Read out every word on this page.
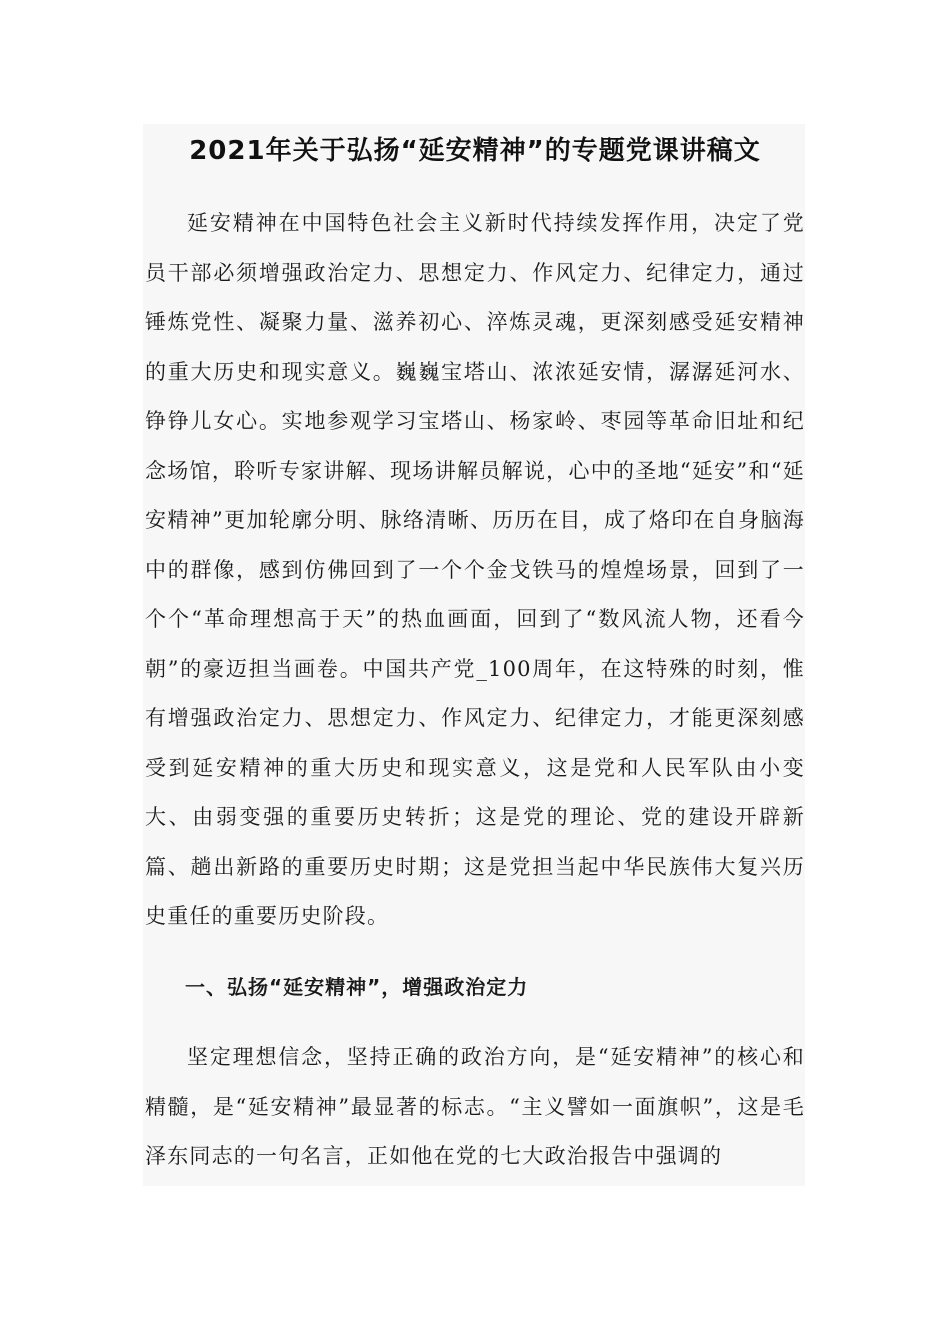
2021年关于弘扬“延安精神”的专题党课讲稿文

延安精神在中国特色社会主义新时代持续发挥作用，决定了党员干部必须增强政治定力、思想定力、作风定力、纪律定力，通过锤炼党性、凝聚力量、滋养初心、淬炼灵魂，更深刻感受延安精神的重大历史和现实意义。巍巍宝塔山、浓浓延安情，潺潺延河水、铮铮儿女心。实地参观学习宝塔山、杨家岭、枣园等革命旧址和纪念场馆，聆听专家讲解、现场讲解员解说，心中的圣地“延安”和“延安精神”更加轮廓分明、脉络清晰、历历在目，成了烙印在自身脑海中的群像，感到仿佛回到了一个个金戈铁马的煌煌场景，回到了一个个“革命理想高于天”的热血画面，回到了“数风流人物，还看今朝”的豪迈担当画卷。中国共产党_100周年，在这特殊的时刻，惟有增强政治定力、思想定力、作风定力、纪律定力，才能更深刻感受到延安精神的重大历史和现实意义，这是党和人民军队由小变大、由弱变强的重要历史转折；这是党的理论、党的建设开辟新篇、趟出新路的重要历史时期；这是党担当起中华民族伟大复兴历史重任的重要历史阶段。

一、弘扬“延安精神”，增强政治定力

坚定理想信念，坚持正确的政治方向，是“延安精神”的核心和精髓，是“延安精神”最显著的标志。“主义譬如一面旗帜”，这是毛泽东同志的一句名言，正如他在党的七大政治报告中强调的
